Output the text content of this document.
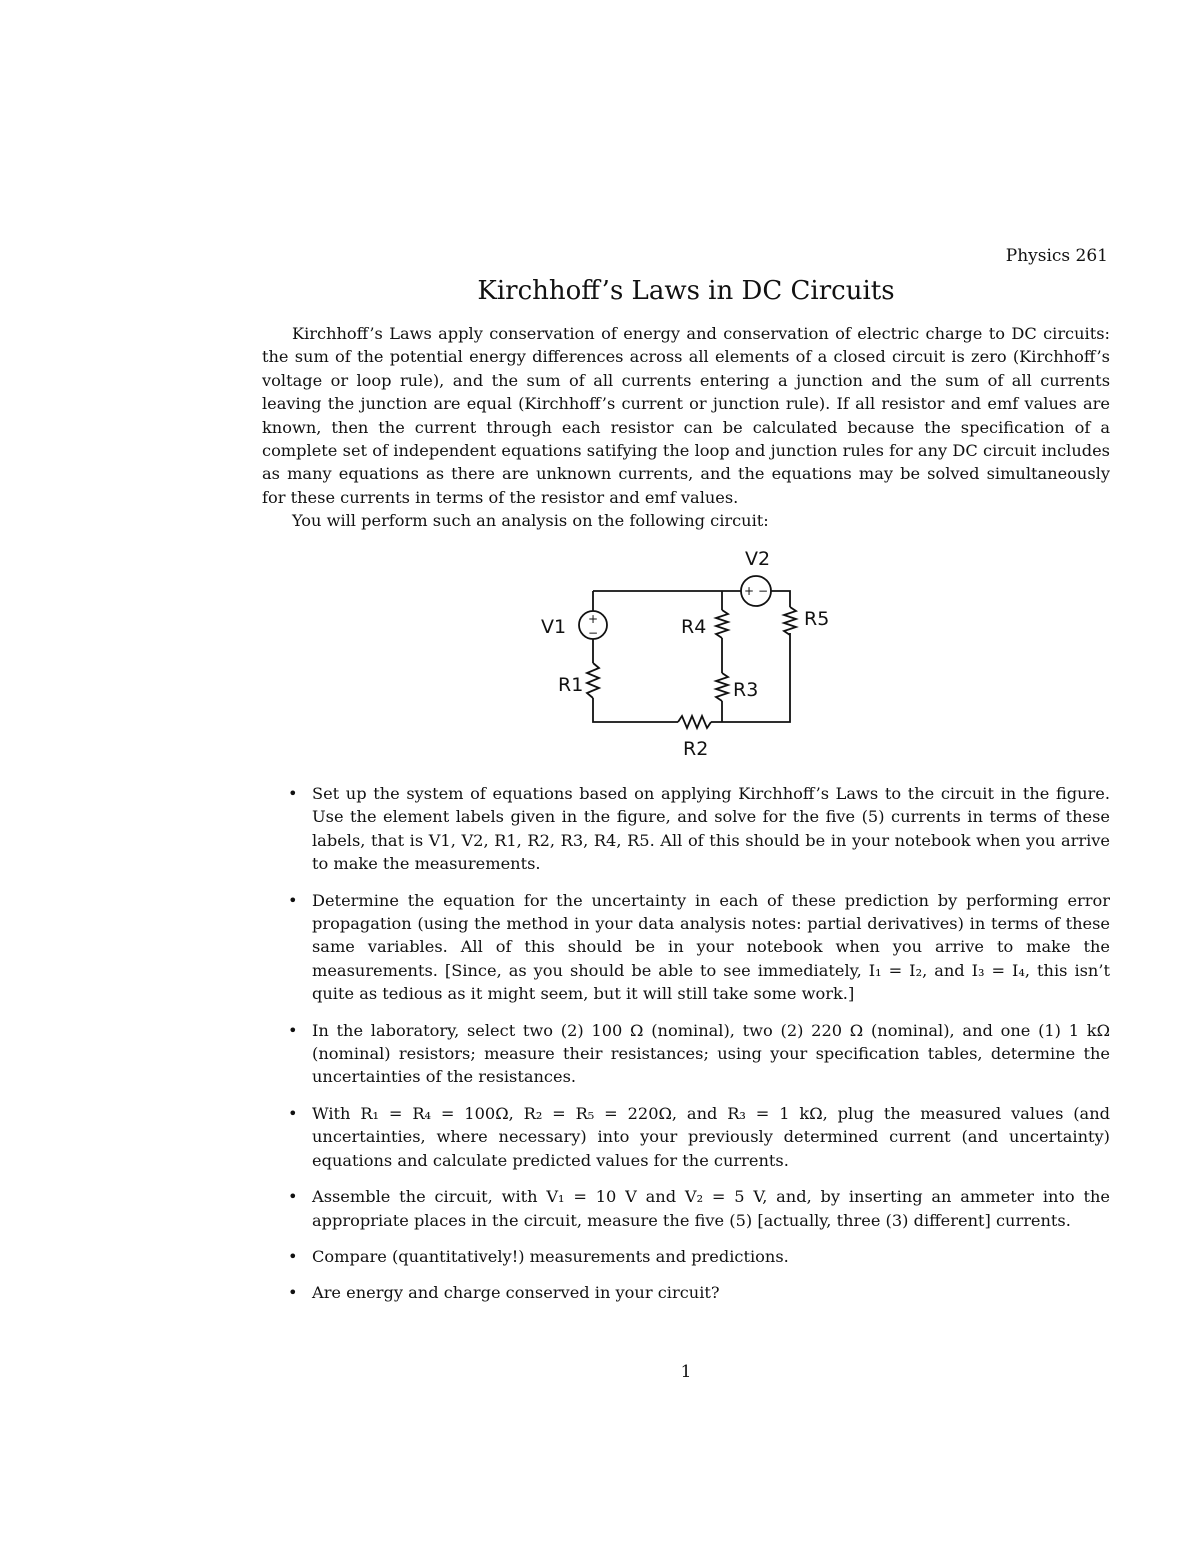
Physics 261
Kirchhoff’s Laws in DC Circuits

Kirchhoff’s Laws apply conservation of energy and conservation of electric charge to DC circuits: the sum of the potential energy differences across all elements of a closed circuit is zero (Kirchhoff’s voltage or loop rule), and the sum of all currents entering a junction and the sum of all currents leaving the junction are equal (Kirchhoff’s current or junction rule). If all resistor and emf values are known, then the current through each resistor can be calculated because the specification of a complete set of independent equations satifying the loop and junction rules for any DC circuit includes as many equations as there are unknown currents, and the equations may be solved simultaneously for these currents in terms of the resistor and emf values.

You will perform such an analysis on the following circuit:

+
−
+ −
V1
V2
R1
R2
R3
R4	R5
• Set up the system of equations based on applying Kirchhoff’s Laws to the circuit in the figure. Use the element labels given in the figure, and solve for the five (5) currents in terms of these labels, that is V1, V2, R1, R2, R3, R4, R5. All of this should be in your notebook when you arrive to make the measurements.
• Determine the equation for the uncertainty in each of these prediction by performing error propagation (using the method in your data analysis notes: partial derivatives) in terms of these same variables. All of this should be in your notebook when you arrive to make the measurements. [Since, as you should be able to see immediately, I₁ = I₂, and I₃ = I₄, this isn’t quite as tedious as it might seem, but it will still take some work.]
• In the laboratory, select two (2) 100 Ω (nominal), two (2) 220 Ω (nominal), and one (1) 1 kΩ (nominal) resistors; measure their resistances; using your specification tables, determine the uncertainties of the resistances.
• With R₁ = R₄ = 100Ω, R₂ = R₅ = 220Ω, and R₃ = 1 kΩ, plug the measured values (and uncertainties, where necessary) into your previously determined current (and uncertainty) equations and calculate predicted values for the currents.
• Assemble the circuit, with V₁ = 10 V and V₂ = 5 V, and, by inserting an ammeter into the appropriate places in the circuit, measure the five (5) [actually, three (3) different] currents.
• Compare (quantitatively!) measurements and predictions.
• Are energy and charge conserved in your circuit?
1
